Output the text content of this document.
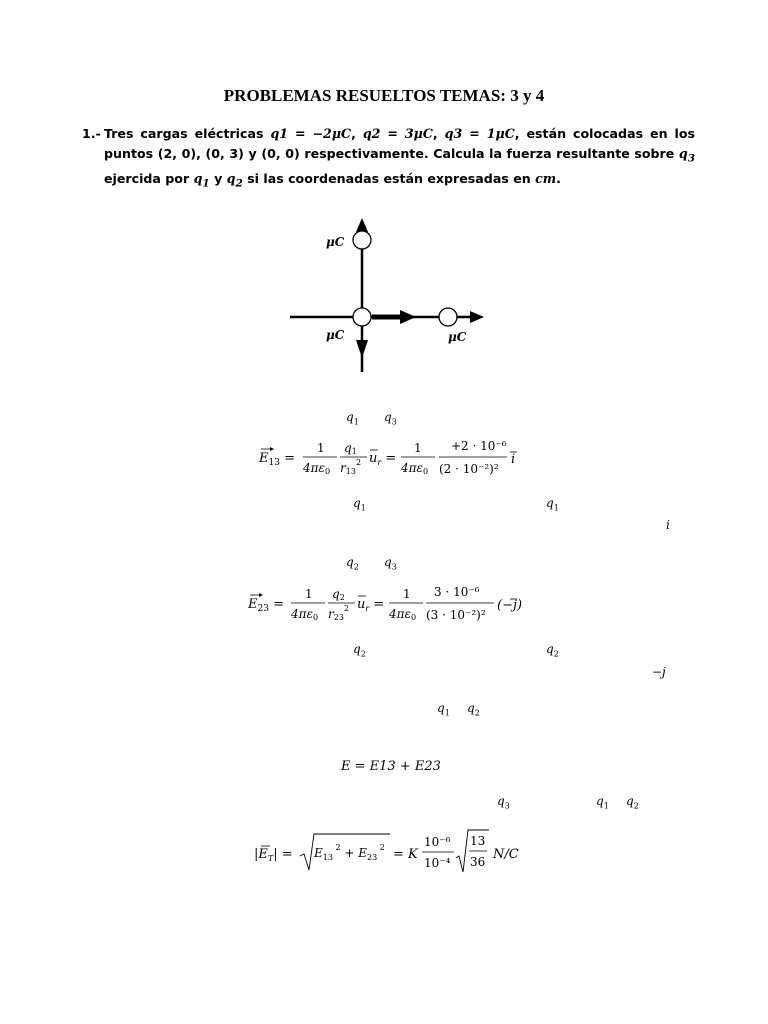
PROBLEMAS RESUELTOS TEMAS: 3 y 4
1.- Tres cargas eléctricas q1 = −2μC, q2 = 3μC, q3 = 1μC, están colocadas en los puntos (2, 0), (0, 3) y (0, 0) respectivamente. Calcula la fuerza resultante sobre $q_3$ ejercida por $q_1$ y $q_2$ si las coordenadas están expresadas en cm.
μC
μC	μC
$q_1$ $q_3$
$E_{13}$ =
1
4πε0
q1
$r13^2$ $u_r$ =
1
4πε0
+2 · 10⁻⁶
(2 · 10⁻²)²
i
$q_1$	$q_1$
i
$q_2$ $q_3$
$E_{23}$ =
1
4πε0
q2
$r23^2$ $u_r$ =
1
4πε0
3 · 10⁻⁶
(3 · 10⁻²)²
(−j)
$q_2$	$q_2$
−j
$q_1$ $q_2$
E = E13 + E23
$q_3$	$q_1$ $q_2$
$|E_T| = E_{13}$ $^2 + E_{23}$ $^2$ = K
10⁻⁶
10⁻⁴
13
36 N/C
